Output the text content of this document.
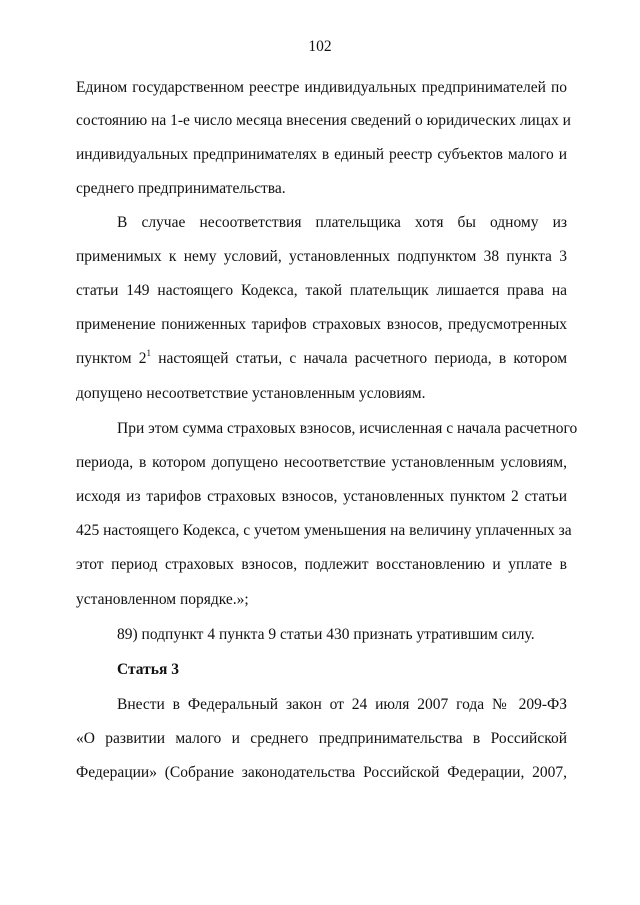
102
Едином государственном реестре индивидуальных предпринимателей по
состоянию на 1-е число месяца внесения сведений о юридических лицах и
индивидуальных предпринимателях в единый реестр субъектов малого и
среднего предпринимательства.
В случае несоответствия плательщика хотя бы одному из
применимых к нему условий, установленных подпунктом 38 пункта 3
статьи 149 настоящего Кодекса, такой плательщик лишается права на
применение пониженных тарифов страховых взносов, предусмотренных
пунктом $2^1$ настоящей статьи, с начала расчетного периода, в котором
допущено несоответствие установленным условиям.
При этом сумма страховых взносов, исчисленная с начала расчетного
периода, в котором допущено несоответствие установленным условиям,
исходя из тарифов страховых взносов, установленных пунктом 2 статьи
425 настоящего Кодекса, с учетом уменьшения на величину уплаченных за
этот период страховых взносов, подлежит восстановлению и уплате в
установленном порядке.»;
89) подпункт 4 пункта 9 статьи 430 признать утратившим силу.
Статья 3
Внести в Федеральный закон от 24 июля 2007 года № 209-ФЗ
«О развитии малого и среднего предпринимательства в Российской
Федерации» (Собрание законодательства Российской Федерации, 2007,
